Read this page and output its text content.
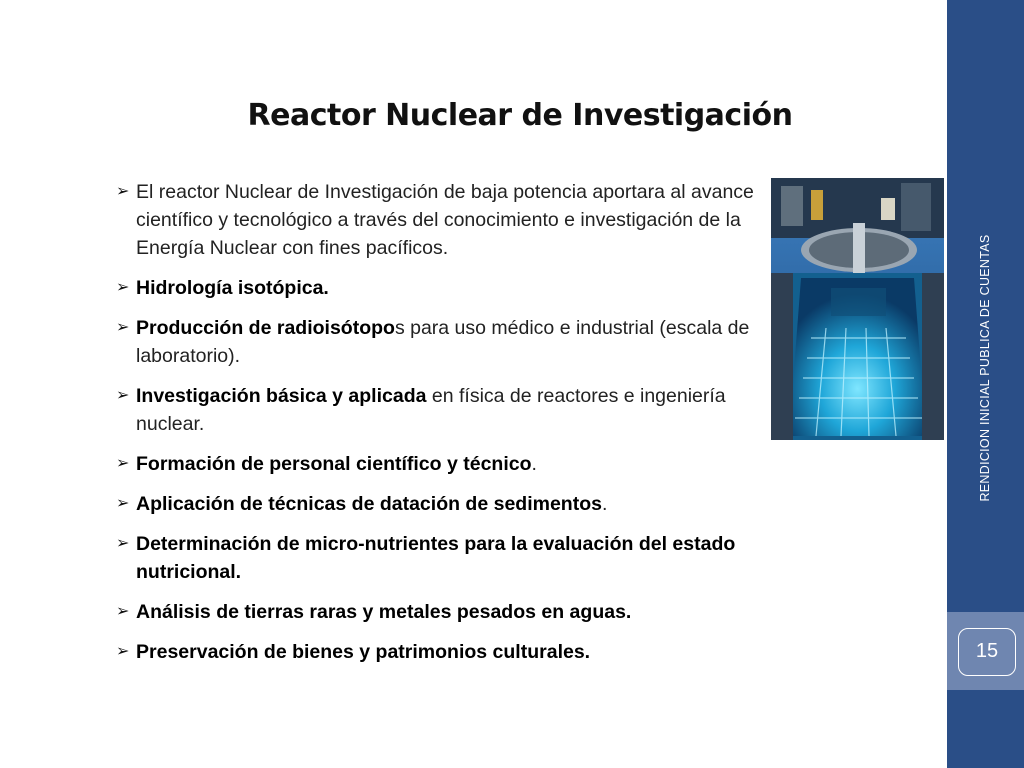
Reactor Nuclear de Investigación
➢ El reactor Nuclear de Investigación de baja potencia aportara al avance científico y tecnológico a través del conocimiento e investigación de la Energía Nuclear con fines pacíficos.
➢ Hidrología isotópica.
➢ Producción de radioisótopos para uso médico e industrial (escala de laboratorio).
➢ Investigación básica y aplicada en física de reactores e ingeniería nuclear.
➢ Formación de personal científico y técnico.
➢ Aplicación de técnicas de datación de sedimentos.
➢ Determinación de micro-nutrientes para la evaluación del estado nutricional.
➢ Análisis de tierras raras y metales pesados en aguas.
➢ Preservación de bienes y patrimonios culturales.
RENDICION INICIAL PUBLICA DE CUENTAS
15
